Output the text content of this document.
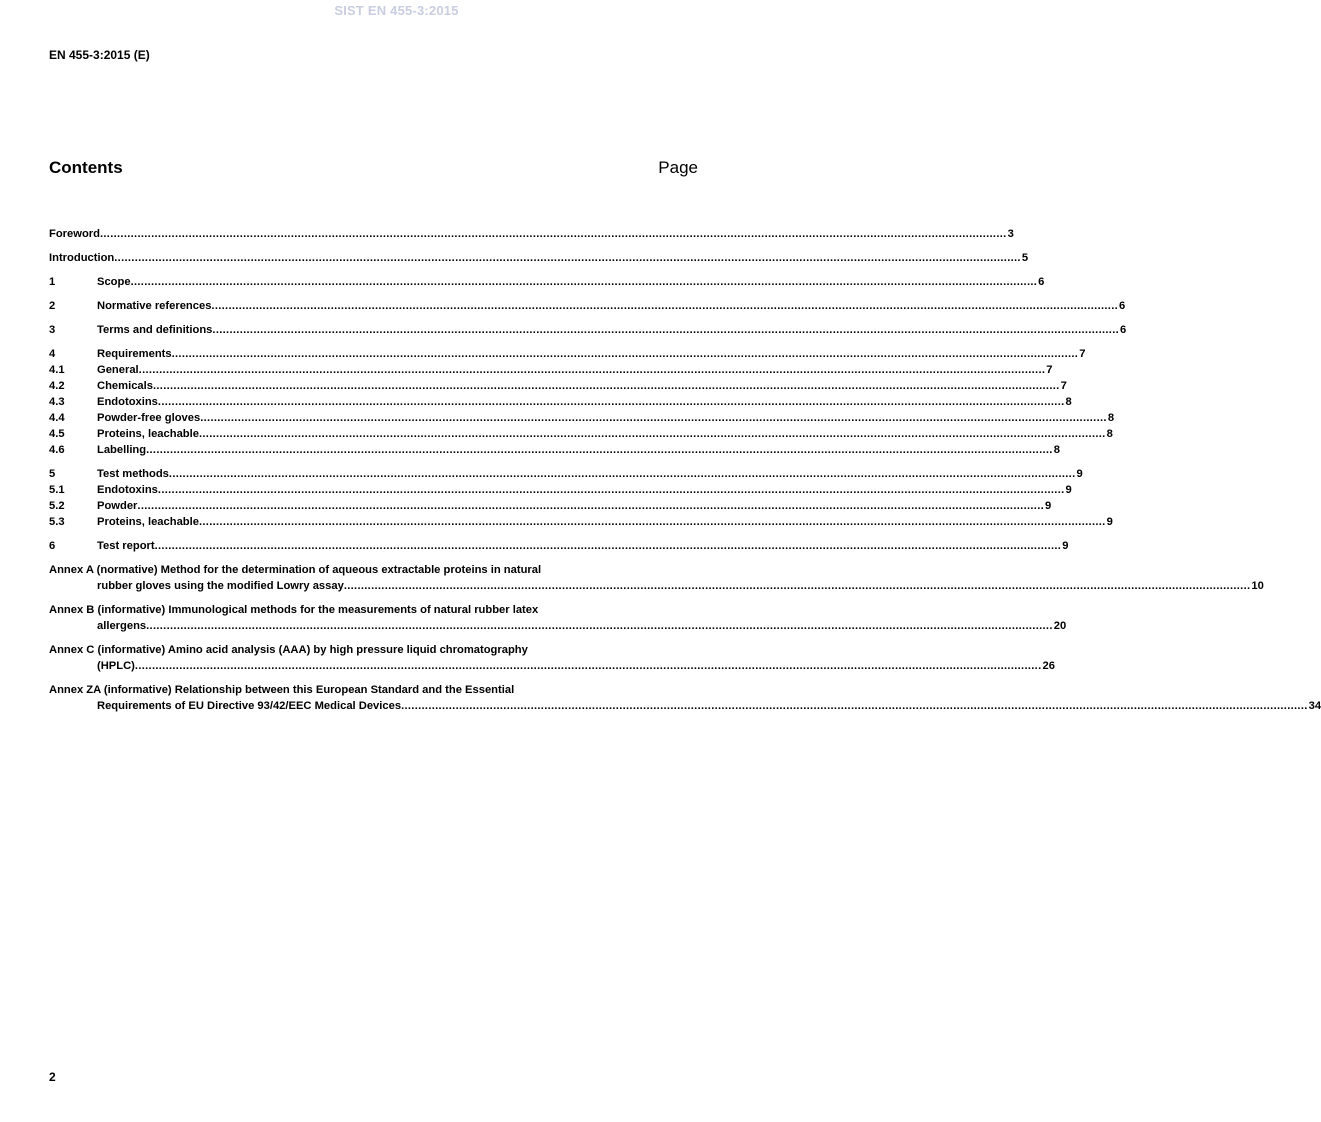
SIST EN 455-3:2015
EN 455-3:2015 (E)
Contents	Page
Foreword .......................................................................................................................................................................................................................................................................... 3
Introduction .......................................................................................................................................................................................................................................................................... 5
1	Scope .......................................................................................................................................................................................................................................................................... 6
2	Normative references .......................................................................................................................................................................................................................................................................... 6
3	Terms and definitions .......................................................................................................................................................................................................................................................................... 6
4	Requirements .......................................................................................................................................................................................................................................................................... 7
4.1	General .......................................................................................................................................................................................................................................................................... 7
4.2	Chemicals .......................................................................................................................................................................................................................................................................... 7
4.3	Endotoxins .......................................................................................................................................................................................................................................................................... 8
4.4	Powder-free gloves .......................................................................................................................................................................................................................................................................... 8
4.5	Proteins, leachable .......................................................................................................................................................................................................................................................................... 8
4.6	Labelling .......................................................................................................................................................................................................................................................................... 8
5	Test methods .......................................................................................................................................................................................................................................................................... 9
5.1	Endotoxins .......................................................................................................................................................................................................................................................................... 9
5.2	Powder .......................................................................................................................................................................................................................................................................... 9
5.3	Proteins, leachable .......................................................................................................................................................................................................................................................................... 9
6	Test report .......................................................................................................................................................................................................................................................................... 9
Annex A (normative) Method for the determination of aqueous extractable proteins in natural
rubber gloves using the modified Lowry assay .......................................................................................................................................................................................................................................................................... 10
Annex B (informative) Immunological methods for the measurements of natural rubber latex
allergens .......................................................................................................................................................................................................................................................................... 20
Annex C (informative) Amino acid analysis (AAA) by high pressure liquid chromatography
(HPLC) .......................................................................................................................................................................................................................................................................... 26
Annex ZA (informative) Relationship between this European Standard and the Essential
Requirements of EU Directive 93/42/EEC Medical Devices .......................................................................................................................................................................................................................................................................... 34
2
